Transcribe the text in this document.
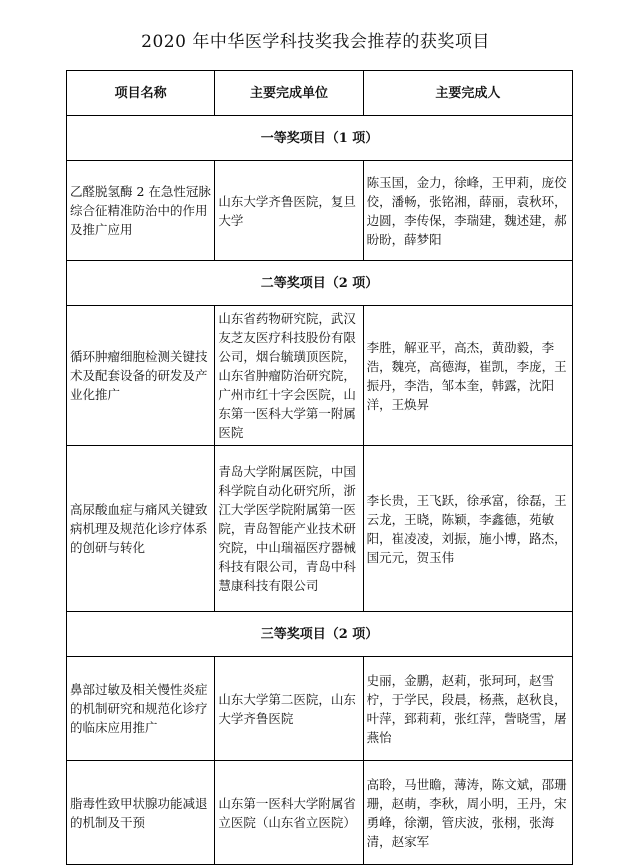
2020 年中华医学科技奖我会推荐的获奖项目
项目名称	主要完成单位	主要完成人
一等奖项目（1 项）		
乙醛脱氢酶 2 在急性冠脉综合征精准防治中的作用及推广应用	山东大学齐鲁医院，复旦大学	陈玉国，金力，徐峰，王甲莉，庞佼佼，潘畅，张铭湘，薛丽，袁秋环，边圆，李传保，李瑞建，魏述建，郝盼盼，薛梦阳
二等奖项目（2 项）		
循环肿瘤细胞检测关键技术及配套设备的研发及产业化推广	山东省药物研究院，武汉友芝友医疗科技股份有限公司，烟台毓璜顶医院，山东省肿瘤防治研究院，广州市红十字会医院，山东第一医科大学第一附属医院	李胜，解亚平，高杰，黄劭毅，李浩，魏亮，高德海，崔凯，李庞，王振丹，李浩，邹本奎，韩露，沈阳洋，王焕昇
高尿酸血症与痛风关键致病机理及规范化诊疗体系的创研与转化	青岛大学附属医院，中国科学院自动化研究所，浙江大学医学院附属第一医院，青岛智能产业技术研究院，中山瑞福医疗器械科技有限公司，青岛中科慧康科技有限公司	李长贵，王飞跃，徐承富，徐磊，王云龙，王晓，陈颖，李鑫德，苑敏阳，崔凌凌，刘振，施小博，路杰，国元元，贺玉伟
三等奖项目（2 项）		
鼻部过敏及相关慢性炎症的机制研究和规范化诊疗的临床应用推广	山东大学第二医院，山东大学齐鲁医院	史丽，金鹏，赵莉，张珂珂，赵雪柠，于学民，段晨，杨燕，赵秋良，叶萍，郅莉莉，张红萍，訾晓雪，屠燕怡
脂毒性致甲状腺功能减退的机制及干预	山东第一医科大学附属省立医院（山东省立医院）	高聆，马世瞻，薄涛，陈文斌，邵珊珊，赵萌，李秋，周小明，王丹，宋勇峰，徐潮，管庆波，张栩，张海清，赵家军
